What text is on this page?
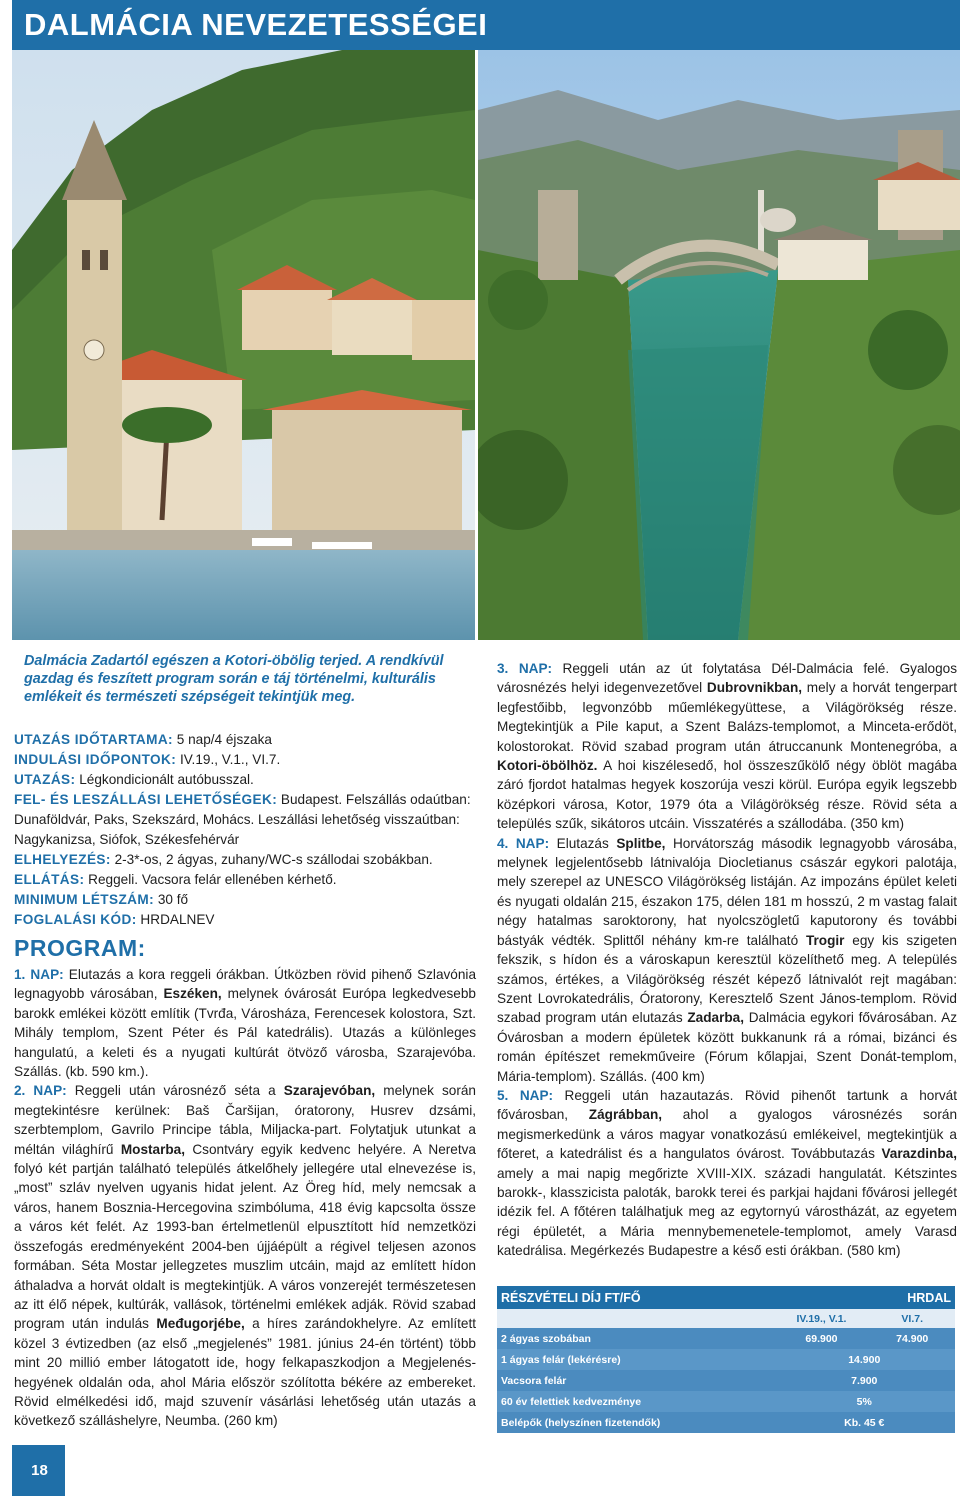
DALMÁCIA NEVEZETESSÉGEI
Dalmácia Zadartól egészen a Kotori-öbölig terjed. A rendkívül gazdag és feszített program során e táj történelmi, kulturális emlékeit és természeti szépségeit tekintjük meg.

UTAZÁS IDŐTARTAMA: 5 nap/4 éjszaka

INDULÁSI IDŐPONTOK: IV.19., V.1., VI.7.

UTAZÁS: Légkondicionált autóbusszal.

FEL- ÉS LESZÁLLÁSI LEHETŐSÉGEK: Budapest. Felszállás odaútban: Dunaföldvár, Paks, Szekszárd, Mohács. Leszállási lehetőség visszaútban: Nagykanizsa, Siófok, Székesfehérvár

ELHELYEZÉS: 2-3*-os, 2 ágyas, zuhany/WC-s szállodai szobákban.

ELLÁTÁS: Reggeli. Vacsora felár ellenében kérhető.

MINIMUM LÉTSZÁM: 30 fő

FOGLALÁSI KÓD: HRDALNEV

PROGRAM:

1. NAP: Elutazás a kora reggeli órákban. Útközben rövid pihenő Szlavónia legnagyobb városában, Eszéken, melynek óvárosát Európa legkedvesebb barokk emlékei között említik (Tvrđa, Városháza, Ferencesek kolostora, Szt. Mihály templom, Szent Péter és Pál katedrális). Utazás a különleges hangulatú, a keleti és a nyugati kultúrát ötvöző városba, Szarajevóba. Szállás. (kb. 590 km.).

2. NAP: Reggeli után városnéző séta a Szarajevóban, melynek során megtekintésre kerülnek: Baš Čaršijan, óratorony, Husrev dzsámi, szerbtemplom, Gavrilo Principe tábla, Miljacka-part. Folytatjuk utunkat a méltán világhírű Mostarba, Csontváry egyik kedvenc helyére. A Neretva folyó két partján található település átkelőhely jellegére utal elnevezése is, „most” szláv nyelven ugyanis hidat jelent. Az Öreg híd, mely nemcsak a város, hanem Bosznia-Hercegovina szimbóluma, 418 évig kapcsolta össze a város két felét. Az 1993-ban értelmetlenül elpusztított híd nemzetközi összefogás eredményeként 2004-ben újjáépült a régivel teljesen azonos formában. Séta Mostar jellegzetes muszlim utcáin, majd az említett hídon áthaladva a horvát oldalt is megtekintjük. A város vonzerejét természetesen az itt élő népek, kultúrák, vallások, történelmi emlékek adják. Rövid szabad program után indulás Međugorjébe, a híres zarándokhelyre. Az említett közel 3 évtizedben (az első „megjelenés” 1981. június 24-én történt) több mint 20 millió ember látogatott ide, hogy felkapaszkodjon a Megjelenés-hegyének oldalán oda, ahol Mária először szólította békére az embereket. Rövid elmélkedési idő, majd szuvenír vásárlási lehetőség után utazás a következő szálláshelyre, Neumba. (260 km)

3. NAP: Reggeli után az út folytatása Dél-Dalmácia felé. Gyalogos városnézés helyi idegenvezetővel Dubrovnikban, mely a horvát tengerpart legfestőibb, legvonzóbb műemlékegyüttese, a Világörökség része. Megtekintjük a Pile kaput, a Szent Balázs-templomot, a Minceta-erődöt, kolostorokat. Rövid szabad program után átruccanunk Montenegróba, a Kotori-öbölhöz. A hoi kiszélesedő, hol összeszűkölő négy öblöt magába záró fjordot hatalmas hegyek koszorúja veszi körül. Európa egyik legszebb középkori városa, Kotor, 1979 óta a Világörökség része. Rövid séta a település szűk, sikátoros utcáin. Visszatérés a szállodába. (350 km)

4. NAP: Elutazás Splitbe, Horvátország második legnagyobb városába, melynek legjelentősebb látnivalója Diocletianus császár egykori palotája, mely szerepel az UNESCO Világörökség listáján. Az impozáns épület keleti és nyugati oldalán 215, északon 175, délen 181 m hosszú, 2 m vastag falait négy hatalmas saroktorony, hat nyolcszögletű kaputorony és további bástyák védték. Splittől néhány km-re található Trogir egy kis szigeten fekszik, s hídon és a városkapun keresztül közelíthető meg. A település számos, értékes, a Világörökség részét képező látnivalót rejt magában: Szent Lovrokatedrális, Óratorony, Keresztelő Szent János-templom. Rövid szabad program után elutazás Zadarba, Dalmácia egykori fővárosában. Az Óvárosban a modern épületek között bukkanunk rá a római, bizánci és román építészet remekműveire (Fórum kőlapjai, Szent Donát-templom, Mária-templom). Szállás. (400 km)

5. NAP: Reggeli után hazautazás. Rövid pihenőt tartunk a horvát fővárosban, Zágrábban, ahol a gyalogos városnézés során megismerkedünk a város magyar vonatkozású emlékeivel, megtekintjük a főteret, a katedrálist és a hangulatos óvárost. Továbbutazás Varazdinba, amely a mai napig megőrizte XVIII-XIX. századi hangulatát. Kétszintes barokk-, klasszicista paloták, barokk terei és parkjai hajdani fővárosi jellegét idézik fel. A főtéren találhatjuk meg az egytornyú várostházát, az egyetem régi épületét, a Mária mennybemenetele-templomot, amely Varasd katedrálisa. Megérkezés Budapestre a késő esti órákban. (580 km)

RÉSZVÉTELI DÍJ FT/FŐ		HRDAL
	IV.19., V.1.	VI.7.
2 ágyas szobában	69.900	74.900
1 ágyas felár (lekérésre)	14.900	
Vacsora felár	7.900	
60 év felettiek kedvezménye	5%	
Belépők (helyszínen fizetendők)	Kb. 45 €	
18
